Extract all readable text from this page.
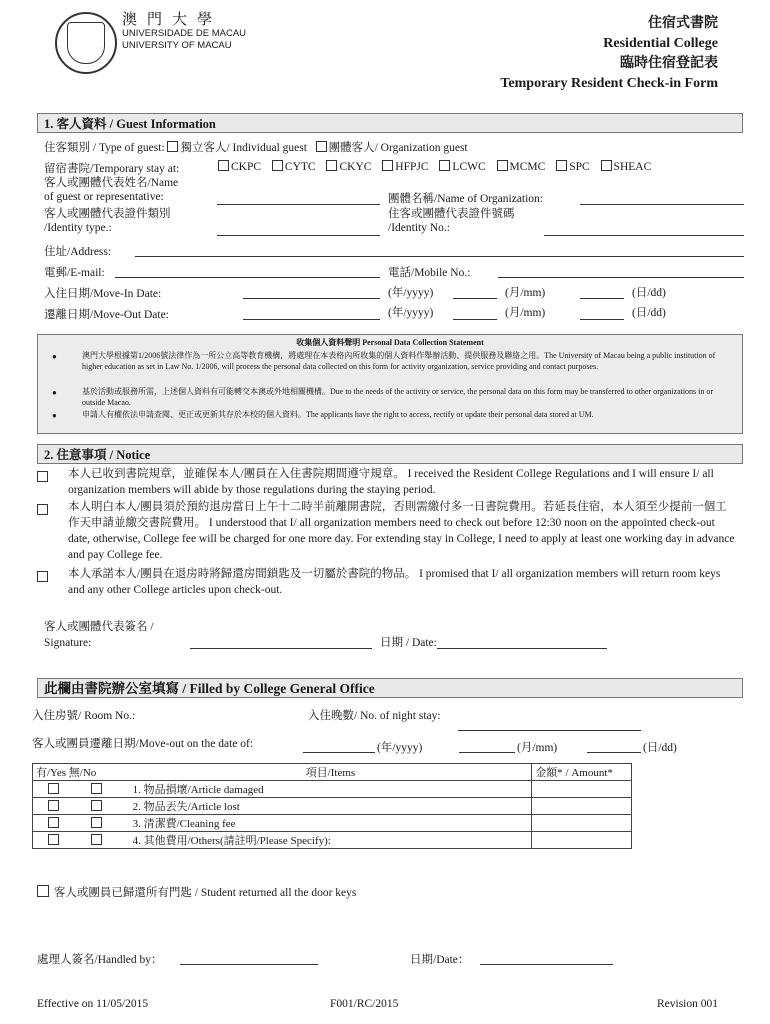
澳門大學
UNIVERSIDADE DE MACAU
UNIVERSITY OF MACAU
住宿式書院
Residential College
臨時住宿登記表
Temporary Resident Check-in Form
1. 客人資料 / Guest Information
住客類別 / Type of guest: 獨立客人/ Individual guest 團體客人/ Organization guest
留宿書院/Temporary stay at:	CKPC CYTC CKYC HFPJC LCWC MCMC SPC SHEAC
客人或團體代表姓名/Name
of guest or representative:	團體名稱/Name of Organization:
客人或團體代表證件類別
/Identity type.:
住客或團體代表證件號碼
/Identity No.:
住址/Address:
電郵/E-mail:	電話/Mobile No.:
入住日期/Move-In Date:	(年/yyyy)	(月/mm)	(日/dd)
遷離日期/Move-Out Date:	(年/yyyy)	(月/mm)	(日/dd)
收集個人資料聲明 Personal Data Collection Statement
●	澳門大學根據第1/2006號法律作為一所公立高等教育機構，將處理在本表格內所收集的個人資料作舉辦活動、提供服務及聯絡之用。The University of Macau being a public institution of higher education as set in Law No. 1/2006, will process the personal data collected on this form for activity organization, service providing and contact purposes.
●	基於活動或服務所需，上述個人資料有可能轉交本澳或外地相關機構。Due to the needs of the activity or service, the personal data on this form may be transferred to other organizations in or outside Macao.
●	申請人有權依法申請查閱、更正或更新其存於本校的個人資料。The applicants have the right to access, rectify or update their personal data stored at UM.
2. 住意事項 / Notice
本人已收到書院規章，並確保本人/團員在入住書院期間遵守規章。 I received the Resident College Regulations and I will ensure I/ all organization members will abide by those regulations during the staying period.
本人明白本人/團員須於預約退房當日上午十二時半前離開書院，否則需繳付多一日書院費用。若延長住宿，本人須至少提前一個工作天申請並繳交書院費用。 I understood that I/ all organization members need to check out before 12:30 noon on the appointed check-out date, otherwise, College fee will be charged for one more day. For extending stay in College, I need to apply at least one working day in advance and pay College fee.
本人承諾本人/團員在退房時將歸還房間鎖匙及一切屬於書院的物品。 I promised that I/ all organization members will return room keys and any other College articles upon check-out.
客人或團體代表簽名 /
Signature:	日期 / Date:
此欄由書院辦公室填寫 / Filled by College General Office
入住房號/ Room No.:	入住晚數/ No. of night stay:
客人或團員遷離日期/Move-out on the date of:	(年/yyyy)	(月/mm)	(日/dd)
有/Yes 無/No	項目/Items	金額* / Amount*
	1. 物品損壞/Article damaged	
	2. 物品丟失/Article lost	
	3. 清潔費/Cleaning fee	
	4. 其他費用/Others(請註明/Please Specify):	
客人或團員已歸還所有門匙 / Student returned all the door keys
處理人簽名/Handled by：	日期/Date：
Effective on 11/05/2015	F001/RC/2015	Revision 001
